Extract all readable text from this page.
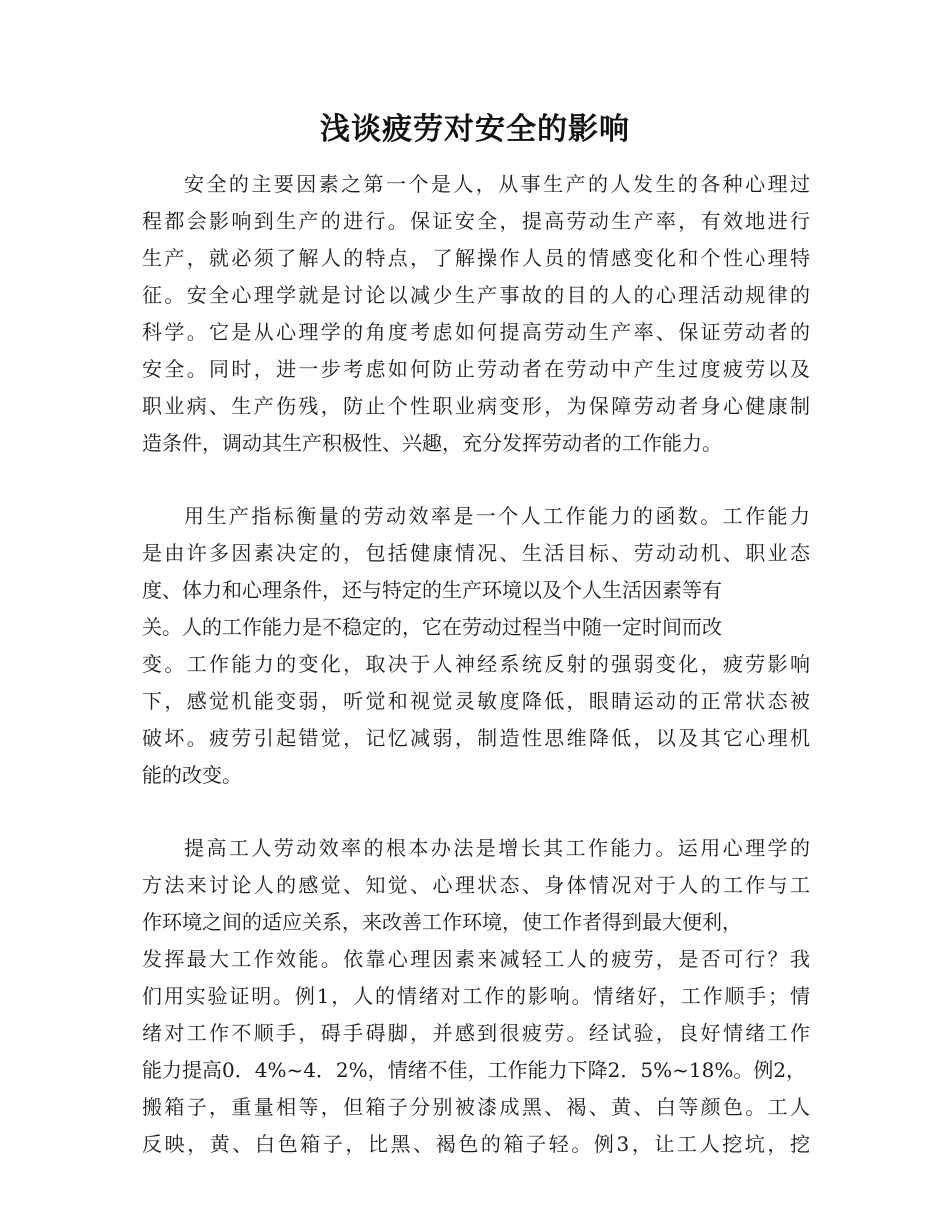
浅谈疲劳对安全的影响
安全的主要因素之第一个是人，从事生产的人发生的各种心理过
程都会影响到生产的进行。保证安全，提高劳动生产率，有效地进行
生产，就必须了解人的特点，了解操作人员的情感变化和个性心理特
征。安全心理学就是讨论以减少生产事故的目的人的心理活动规律的
科学。它是从心理学的角度考虑如何提高劳动生产率、保证劳动者的
安全。同时，进一步考虑如何防止劳动者在劳动中产生过度疲劳以及
职业病、生产伤残，防止个性职业病变形，为保障劳动者身心健康制
造条件，调动其生产积极性、兴趣，充分发挥劳动者的工作能力。
用生产指标衡量的劳动效率是一个人工作能力的函数。工作能力
是由许多因素决定的，包括健康情况、生活目标、劳动动机、职业态
度、体力和心理条件，还与特定的生产环境以及个人生活因素等有
关。人的工作能力是不稳定的，它在劳动过程当中随一定时间而改
变。工作能力的变化，取决于人神经系统反射的强弱变化，疲劳影响
下，感觉机能变弱，听觉和视觉灵敏度降低，眼睛运动的正常状态被
破坏。疲劳引起错觉，记忆减弱，制造性思维降低，以及其它心理机
能的改变。
提高工人劳动效率的根本办法是增长其工作能力。运用心理学的
方法来讨论人的感觉、知觉、心理状态、身体情况对于人的工作与工
作环境之间的适应关系，来改善工作环境，使工作者得到最大便利，
发挥最大工作效能。依靠心理因素来减轻工人的疲劳，是否可行？我
们用实验证明。例1，人的情绪对工作的影响。情绪好，工作顺手；情
绪对工作不顺手，碍手碍脚，并感到很疲劳。经试验，良好情绪工作
能力提高0．4%~4．2%，情绪不佳，工作能力下降2．5%~18%。例2，
搬箱子，重量相等，但箱子分别被漆成黑、褐、黄、白等颜色。工人
反映，黄、白色箱子，比黑、褐色的箱子轻。例3，让工人挖坑，挖
